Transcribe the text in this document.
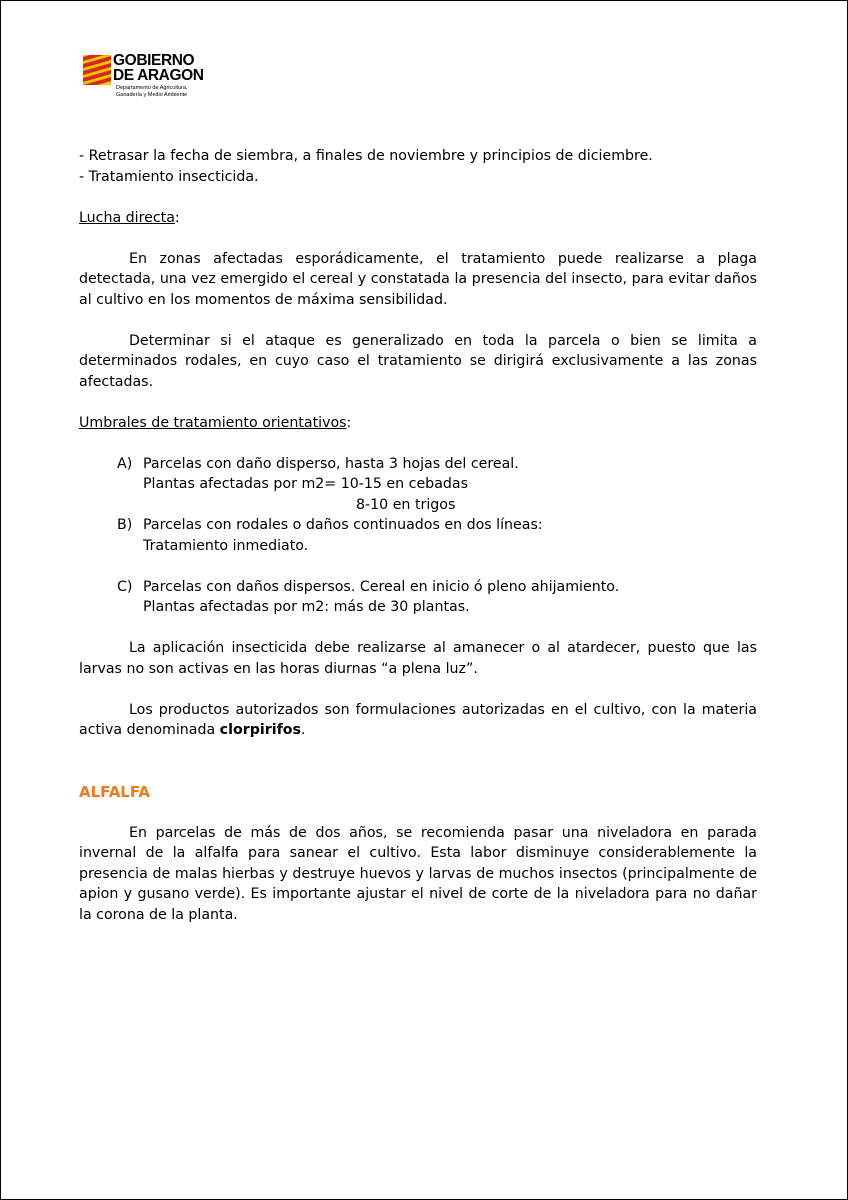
GOBIERNO
DE ARAGON
Departamento de Agricultura,
Ganadería y Medio Ambiente

- Retrasar la fecha de siembra, a finales de noviembre y principios de diciembre.

- Tratamiento insecticida.

Lucha directa:

En zonas afectadas esporádicamente, el tratamiento puede realizarse a plaga detectada, una vez emergido el cereal y constatada la presencia del insecto, para evitar daños al cultivo en los momentos de máxima sensibilidad.

Determinar si el ataque es generalizado en toda la parcela o bien se limita a determinados rodales, en cuyo caso el tratamiento se dirigirá exclusivamente a las zonas afectadas.

Umbrales de tratamiento orientativos:

A) Parcelas con daño disperso, hasta 3 hojas del cereal.

Plantas afectadas por m2= 10-15 en cebadas

8-10 en trigos

B) Parcelas con rodales o daños continuados en dos líneas:

Tratamiento inmediato.

C) Parcelas con daños dispersos. Cereal en inicio ó pleno ahijamiento.

Plantas afectadas por m2: más de 30 plantas.

La aplicación insecticida debe realizarse al amanecer o al atardecer, puesto que las larvas no son activas en las horas diurnas “a plena luz”.

Los productos autorizados son formulaciones autorizadas en el cultivo, con la materia activa denominada clorpirifos.

ALFALFA

En parcelas de más de dos años, se recomienda pasar una niveladora en parada invernal de la alfalfa para sanear el cultivo. Esta labor disminuye considerablemente la presencia de malas hierbas y destruye huevos y larvas de muchos insectos (principalmente de apion y gusano verde). Es importante ajustar el nivel de corte de la niveladora para no dañar la corona de la planta.
